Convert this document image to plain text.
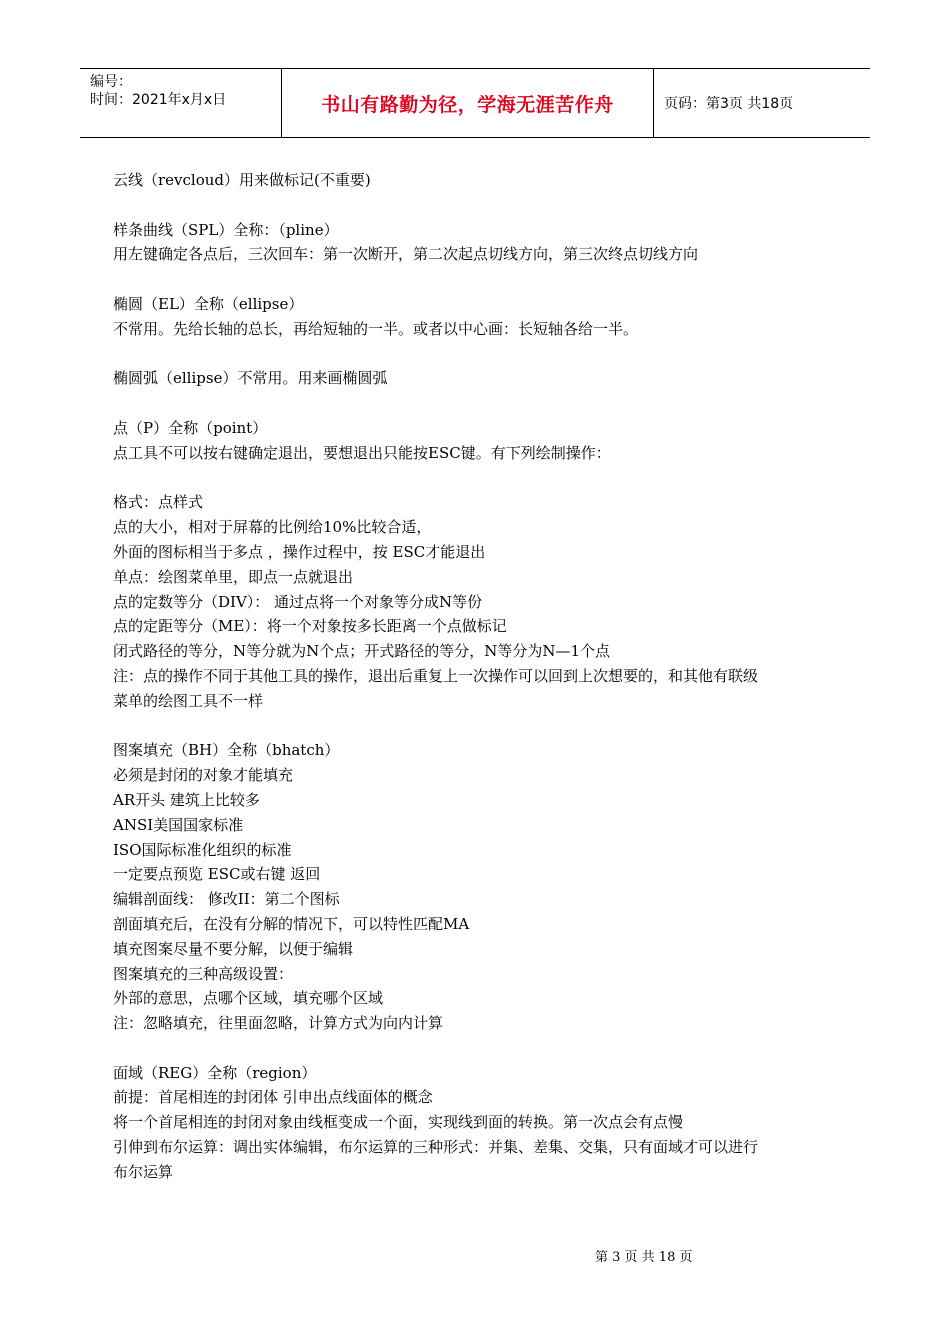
编号：
时间：2021年x月x日	书山有路勤为径，学海无涯苦作舟	页码：第3页 共18页

云线（revcloud）用来做标记(不重要)

样条曲线（SPL）全称：（pline）

用左键确定各点后，三次回车：第一次断开，第二次起点切线方向，第三次终点切线方向

椭圆（EL）全称（ellipse）

不常用。先给长轴的总长，再给短轴的一半。或者以中心画：长短轴各给一半。

椭圆弧（ellipse）不常用。用来画椭圆弧

点（P）全称（point）

点工具不可以按右键确定退出，要想退出只能按ESC键。有下列绘制操作：

格式：点样式

点的大小，相对于屏幕的比例给10%比较合适，

外面的图标相当于多点 ，操作过程中，按 ESC才能退出

单点：绘图菜单里，即点一点就退出

点的定数等分（DIV）： 通过点将一个对象等分成N等份

点的定距等分（ME）：将一个对象按多长距离一个点做标记

闭式路径的等分，N等分就为N个点；开式路径的等分，N等分为N—1个点

注：点的操作不同于其他工具的操作，退出后重复上一次操作可以回到上次想要的，和其他有联级

菜单的绘图工具不一样

图案填充（BH）全称（bhatch）

必须是封闭的对象才能填充

AR开头 建筑上比较多

ANSI美国国家标准

ISO国际标准化组织的标准

一定要点预览 ESC或右键 返回

编辑剖面线： 修改II：第二个图标

剖面填充后，在没有分解的情况下，可以特性匹配MA

填充图案尽量不要分解，以便于编辑

图案填充的三种高级设置：

外部的意思，点哪个区域，填充哪个区域

注：忽略填充，往里面忽略，计算方式为向内计算

面域（REG）全称（region）

前提：首尾相连的封闭体 引申出点线面体的概念

将一个首尾相连的封闭对象由线框变成一个面，实现线到面的转换。第一次点会有点慢

引伸到布尔运算：调出实体编辑，布尔运算的三种形式：并集、差集、交集，只有面域才可以进行

布尔运算

第 3 页 共 18 页
